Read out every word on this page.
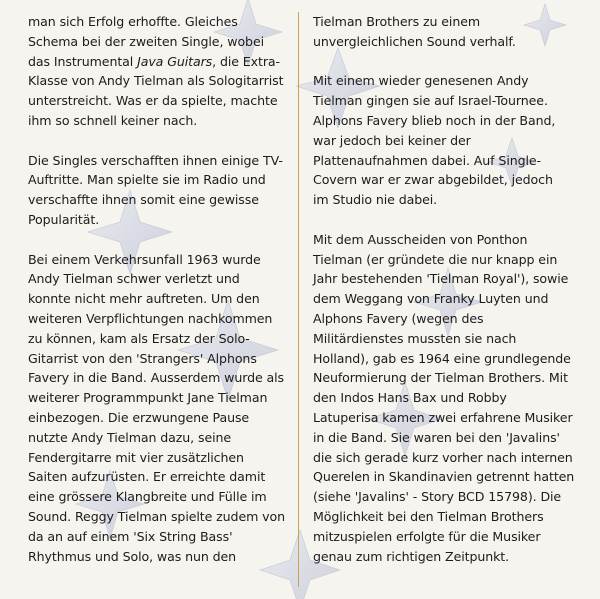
man sich Erfolg erhoffte. Gleiches
Schema bei der zweiten Single, wobei
das Instrumental Java Guitars, die Extra-
Klasse von Andy Tielman als Sologitarrist
unterstreicht. Was er da spielte, machte
ihm so schnell keiner nach.

Die Singles verschafften ihnen einige TV-
Auftritte. Man spielte sie im Radio und
verschaffte ihnen somit eine gewisse
Popularität.

Bei einem Verkehrsunfall 1963 wurde
Andy Tielman schwer verletzt und
konnte nicht mehr auftreten. Um den
weiteren Verpflichtungen nachkommen
zu können, kam als Ersatz der Solo-
Gitarrist von den 'Strangers' Alphons
Favery in die Band. Ausserdem wurde als
weiterer Programmpunkt Jane Tielman
einbezogen. Die erzwungene Pause
nutzte Andy Tielman dazu, seine
Fendergitarre mit vier zusätzlichen
Saiten aufzurüsten. Er erreichte damit
eine grössere Klangbreite und Fülle im
Sound. Reggy Tielman spielte zudem von
da an auf einem 'Six String Bass'
Rhythmus und Solo, was nun den

Tielman Brothers zu einem
unvergleichlichen Sound verhalf.

Mit einem wieder genesenen Andy
Tielman gingen sie auf Israel-Tournee.
Alphons Favery blieb noch in der Band,
war jedoch bei keiner der
Plattenaufnahmen dabei. Auf Single-
Covern war er zwar abgebildet, jedoch
im Studio nie dabei.

Mit dem Ausscheiden von Ponthon
Tielman (er gründete die nur knapp ein
Jahr bestehenden 'Tielman Royal'), sowie
dem Weggang von Franky Luyten und
Alphons Favery (wegen des
Militärdienstes mussten sie nach
Holland), gab es 1964 eine grundlegende
Neuformierung der Tielman Brothers. Mit
den Indos Hans Bax und Robby
Latuperisa kamen zwei erfahrene Musiker
in die Band. Sie waren bei den 'Javalins'
die sich gerade kurz vorher nach internen
Querelen in Skandinavien getrennt hatten
(siehe 'Javalins' - Story BCD 15798). Die
Möglichkeit bei den Tielman Brothers
mitzuspielen erfolgte für die Musiker
genau zum richtigen Zeitpunkt.
